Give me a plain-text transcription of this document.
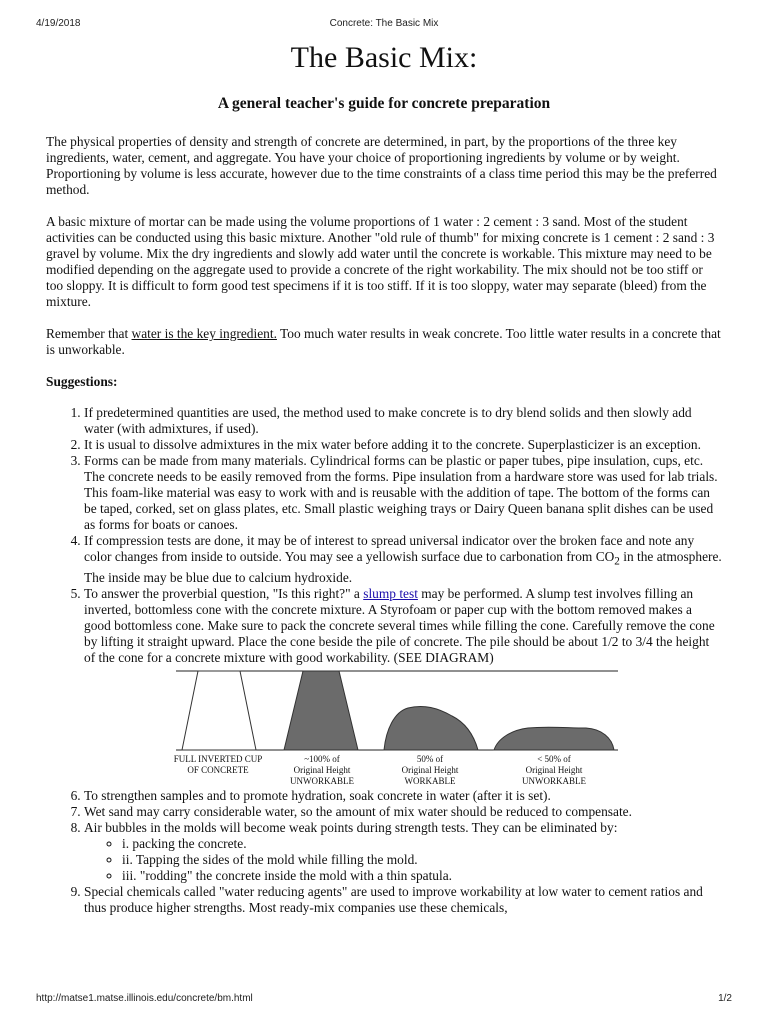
4/19/2018	Concrete: The Basic Mix
The Basic Mix:
A general teacher's guide for concrete preparation

The physical properties of density and strength of concrete are determined, in part, by the proportions of the three key ingredients, water, cement, and aggregate. You have your choice of proportioning ingredients by volume or by weight. Proportioning by volume is less accurate, however due to the time constraints of a class time period this may be the preferred method.

A basic mixture of mortar can be made using the volume proportions of 1 water : 2 cement : 3 sand. Most of the student activities can be conducted using this basic mixture. Another "old rule of thumb" for mixing concrete is 1 cement : 2 sand : 3 gravel by volume. Mix the dry ingredients and slowly add water until the concrete is workable. This mixture may need to be modified depending on the aggregate used to provide a concrete of the right workability. The mix should not be too stiff or too sloppy. It is difficult to form good test specimens if it is too stiff. If it is too sloppy, water may separate (bleed) from the mixture.

Remember that water is the key ingredient. Too much water results in weak concrete. Too little water results in a concrete that is unworkable.

Suggestions:

1. If predetermined quantities are used, the method used to make concrete is to dry blend solids and then slowly add water (with admixtures, if used).
2. It is usual to dissolve admixtures in the mix water before adding it to the concrete. Superplasticizer is an exception.
3. Forms can be made from many materials. Cylindrical forms can be plastic or paper tubes, pipe insulation, cups, etc. The concrete needs to be easily removed from the forms. Pipe insulation from a hardware store was used for lab trials. This foam-like material was easy to work with and is reusable with the addition of tape. The bottom of the forms can be taped, corked, set on glass plates, etc. Small plastic weighing trays or Dairy Queen banana split dishes can be used as forms for boats or canoes.
4. If compression tests are done, it may be of interest to spread universal indicator over the broken face and note any color changes from inside to outside. You may see a yellowish surface due to carbonation from $CO_2$ in the atmosphere. The inside may be blue due to calcium hydroxide.
5. To answer the proverbial question, "Is this right?" a slump test may be performed. A slump test involves filling an inverted, bottomless cone with the concrete mixture. A Styrofoam or paper cup with the bottom removed makes a good bottomless cone. Make sure to pack the concrete several times while filling the cone. Carefully remove the cone by lifting it straight upward. Place the cone beside the pile of concrete. The pile should be about 1/2 to 3/4 the height of the cone for a concrete mixture with good workability. (SEE DIAGRAM)
FULL INVERTED CUP
OF CONCRETE
~100% of
Original Height
UNWORKABLE
50% of
Original Height
WORKABLE
< 50% of
Original Height
UNWORKABLE
6. To strengthen samples and to promote hydration, soak concrete in water (after it is set).
7. Wet sand may carry considerable water, so the amount of mix water should be reduced to compensate.
8. Air bubbles in the molds will become weak points during strength tests. They can be eliminated by:
◦ i. packing the concrete.
◦ ii. Tapping the sides of the mold while filling the mold.
◦ iii. "rodding" the concrete inside the mold with a thin spatula.
9. Special chemicals called "water reducing agents" are used to improve workability at low water to cement ratios and thus produce higher strengths. Most ready-mix companies use these chemicals,
http://matse1.matse.illinois.edu/concrete/bm.html	1/2
